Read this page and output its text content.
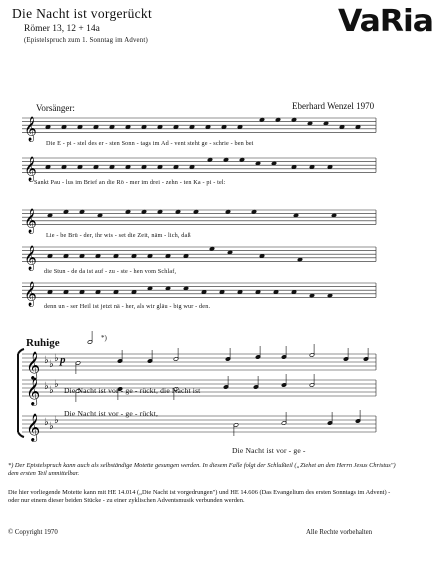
𝄞
𝄞
𝄞
𝄞
𝄞
𝄞 ♭ ♭
♭
𝄞 ♭ ♭
♭
𝄞 ♭ ♭
♭
Die Nacht ist vorgerückt
Römer 13, 12 + 14a
(Epistelspruch zum 1. Sonntag im Advent)
VaRia
Eberhard Wenzel 1970
Vorsänger:
Die E - pi - stel des er - sten Sonn - tags im Ad - vent steht ge - schrie - ben bei
Sankt Pau - lus im Brief an die Rö - mer im drei - zehn - ten Ka - pi - tel:
Lie - be Brü - der, ihr wis - set die Zeit, näm - lich, daß
die Stun - de da ist auf - zu - ste - hen vom Schlaf,
denn un - ser Heil ist jetzt nä - her, als wir gläu - big wur - den.
Ruhige	*)
p
Die Nacht ist vor - ge - rückt, die Nacht ist
Die Nacht ist vor - ge - rückt,
Die Nacht ist vor - ge -
*) Der Epistelspruch kann auch als selbständige Motette gesungen werden. In diesem Falle folgt der Schlußteil („Ziehet an den Herrn Jesus Christus") dem ersten Teil unmittelbar.
Die hier vorliegende Motette kann mit HE 14.014 („Die Nacht ist vorgedrungen") und HE 14.606 (Das Evangelium des ersten Sonntags im Advent) - oder nur einem dieser beiden Stücke - zu einer zyklischen Adventsmusik verbunden werden.
© Copyright 1970	Alle Rechte vorbehalten
